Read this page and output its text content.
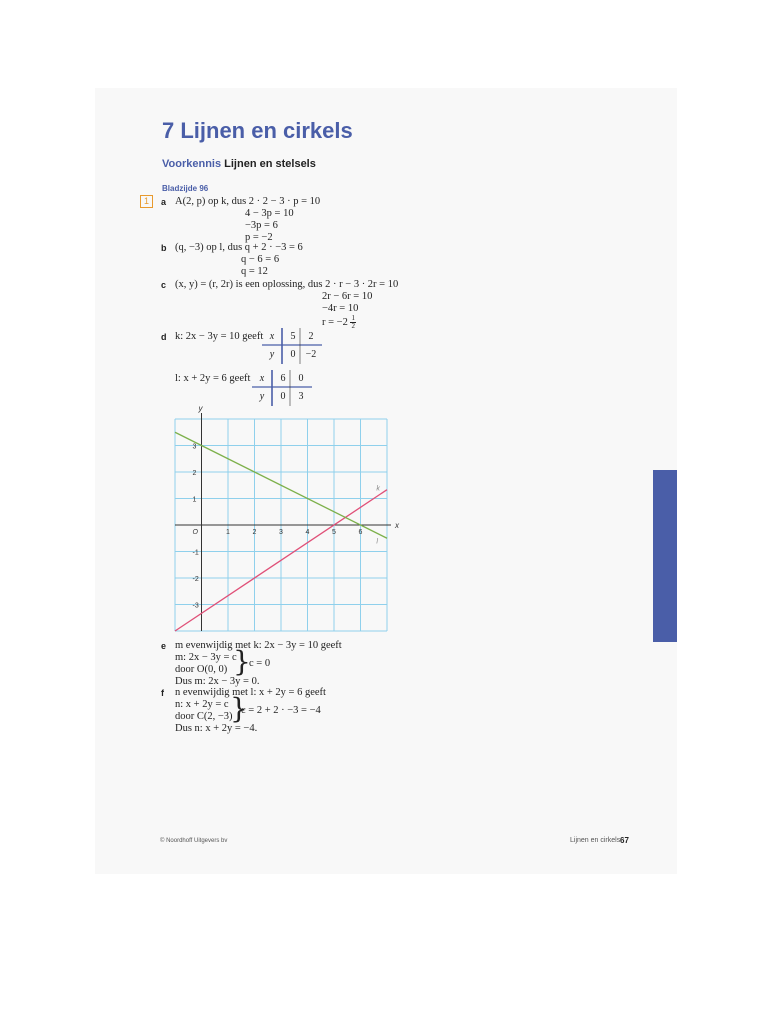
7 Lijnen en cirkels
Voorkennis Lijnen en stelsels
Bladzijde 96
1	a A(2, p) op k, dus 2 · 2 − 3 · p = 10
4 − 3p = 10
−3p = 6
p = −2
b (q, −3) op l, dus q + 2 · −3 = 6
q − 6 = 6
q = 12
c (x, y) = (r, 2r) is een oplossing, dus 2 · r − 3 · 2r = 10
2r − 6r = 10
−4r = 10
$r = -2 \frac{1}{2}$
d k: 2x − 3y = 10 geeft x	5	2
y	0	−2
l: x + 2y = 6 geeft x	6	0
y	0	3
x
y
O	1	2	3	4	5	6
-3
-2
-1
1
2
3
k
l
e m evenwijdig met k: 2x − 3y = 10 geeft
m: 2x − 3y = c
door O(0, 0) }
c = 0
Dus m: 2x − 3y = 0.
f n evenwijdig met l: x + 2y = 6 geeft
n: x + 2y = c
door C(2, −3)
}
c = 2 + 2 · −3 = −4
Dus n: x + 2y = −4.
© Noordhoff Uitgevers bv	Lijnen en cirkels 67
